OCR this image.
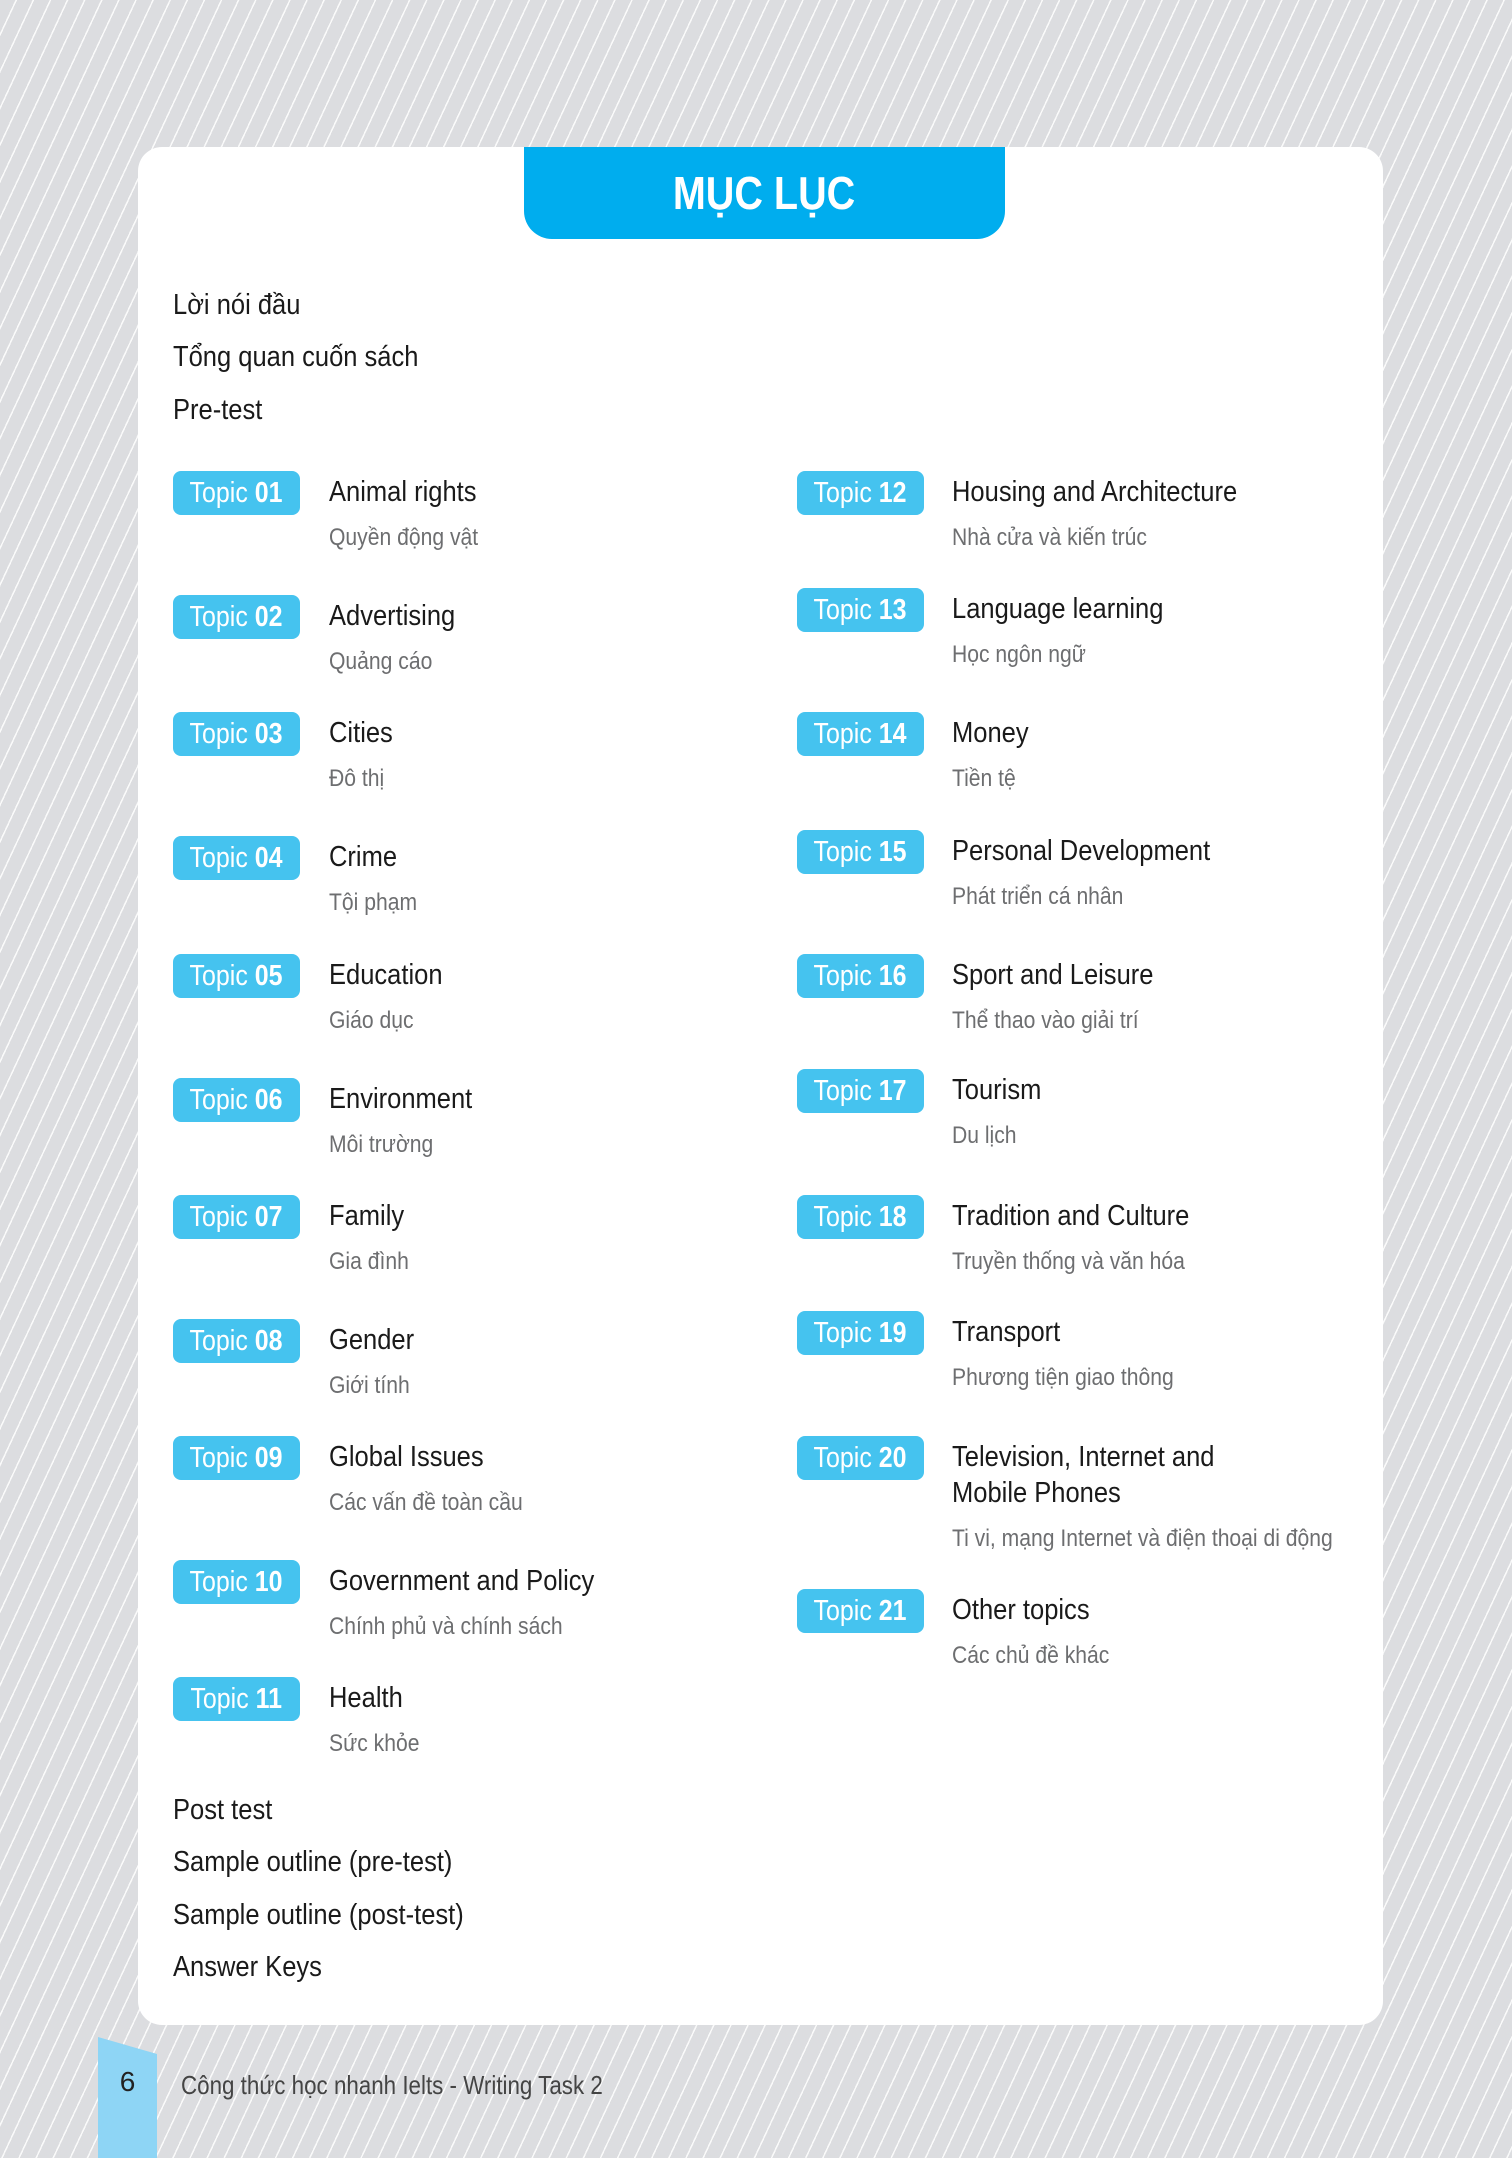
MỤC LỤC
Lời nói đầu
Tổng quan cuốn sách
Pre-test
Topic 01 Animal rights
Quyền động vật
Topic 02 Advertising
Quảng cáo
Topic 03 Cities
Đô thị
Topic 04 Crime
Tội phạm
Topic 05 Education
Giáo dục
Topic 06 Environment
Môi trường
Topic 07 Family
Gia đình
Topic 08 Gender
Giới tính
Topic 09 Global Issues
Các vấn đề toàn cầu
Topic 10 Government and Policy
Chính phủ và chính sách
Topic 11 Health
Sức khỏe
Topic 12 Housing and Architecture
Nhà cửa và kiến trúc
Topic 13 Language learning
Học ngôn ngữ
Topic 14 Money
Tiền tệ
Topic 15 Personal Development
Phát triển cá nhân
Topic 16 Sport and Leisure
Thể thao vào giải trí
Topic 17 Tourism
Du lịch
Topic 18 Tradition and Culture
Truyền thống và văn hóa
Topic 19 Transport
Phương tiện giao thông
Topic 20 Television, Internet and
Mobile Phones
Ti vi, mạng Internet và điện thoại di động
Topic 21 Other topics
Các chủ đề khác
Post test
Sample outline (pre-test)
Sample outline (post-test)
Answer Keys
6	Công thức học nhanh Ielts - Writing Task 2
